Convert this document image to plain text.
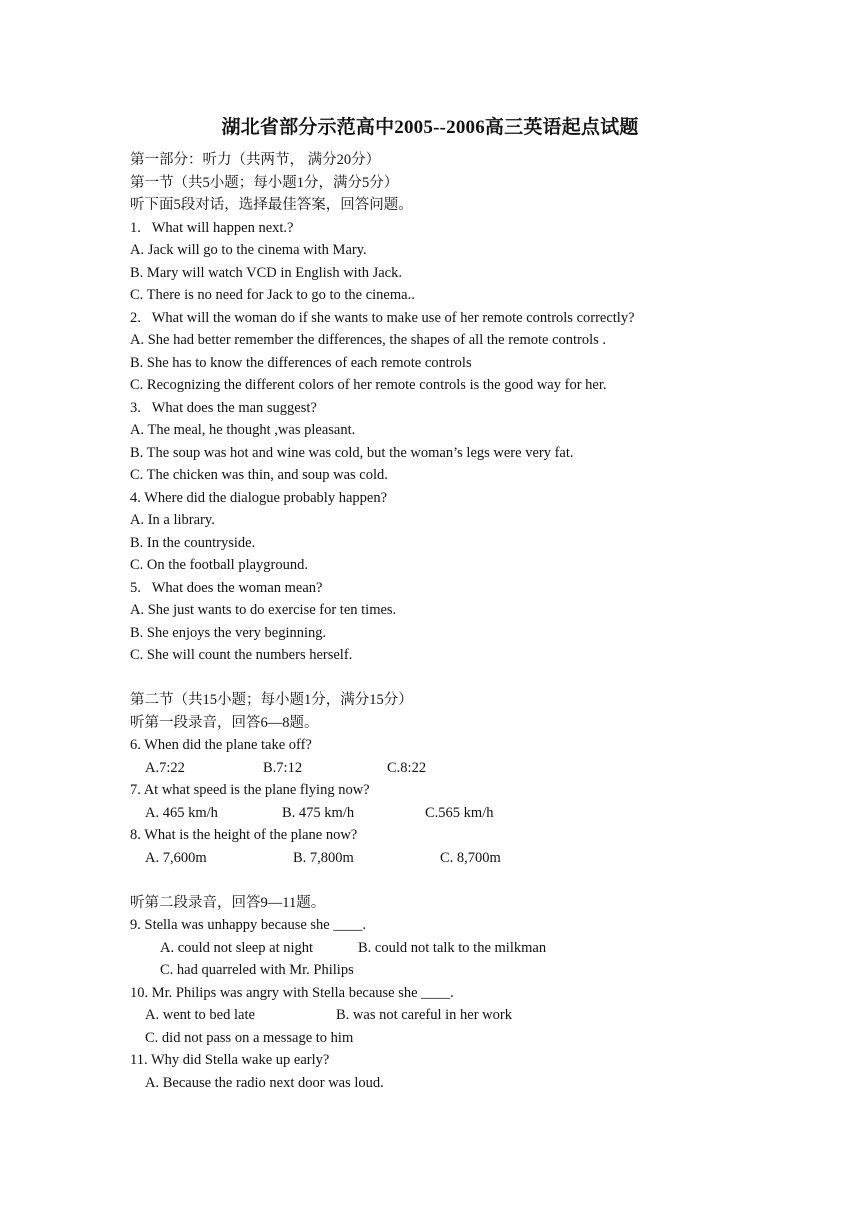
湖北省部分示范高中2005--2006高三英语起点试题
第一部分：听力（共两节， 满分20分）
第一节（共5小题；每小题1分，满分5分）
听下面5段对话，选择最佳答案，回答问题。
1.   What will happen next.?
A. Jack will go to the cinema with Mary.
B. Mary will watch VCD in English with Jack.
C. There is no need for Jack to go to the cinema..
2.   What will the woman do if she wants to make use of her remote controls correctly?
A. She had better remember the differences, the shapes of all the remote controls .
B. She has to know the differences of each remote controls
C. Recognizing the different colors of her remote controls is the good way for her.
3.   What does the man suggest?
A. The meal, he thought ,was pleasant.
B. The soup was hot and wine was cold, but the woman’s legs were very fat.
C. The chicken was thin, and soup was cold.
4. Where did the dialogue probably happen?
A. In a library.
B. In the countryside.
C. On the football playground.
5.   What does the woman mean?
A. She just wants to do exercise for ten times.
B. She enjoys the very beginning.
C. She will count the numbers herself.
第二节（共15小题；每小题1分，满分15分）
听第一段录音，回答6—8题。
6. When did the plane take off?
A.7:22	B.7:12	C.8:22
7. At what speed is the plane flying now?
A. 465 km/h	B. 475 km/h	C.565 km/h
8. What is the height of the plane now?
A. 7,600m	B. 7,800m	C. 8,700m
听第二段录音，回答9—11题。
9. Stella was unhappy because she ____.
A. could not sleep at night	B. could not talk to the milkman
C. had quarreled with Mr. Philips
10. Mr. Philips was angry with Stella because she ____.
A. went to bed late	B. was not careful in her work
C. did not pass on a message to him
11. Why did Stella wake up early?
A. Because the radio next door was loud.
